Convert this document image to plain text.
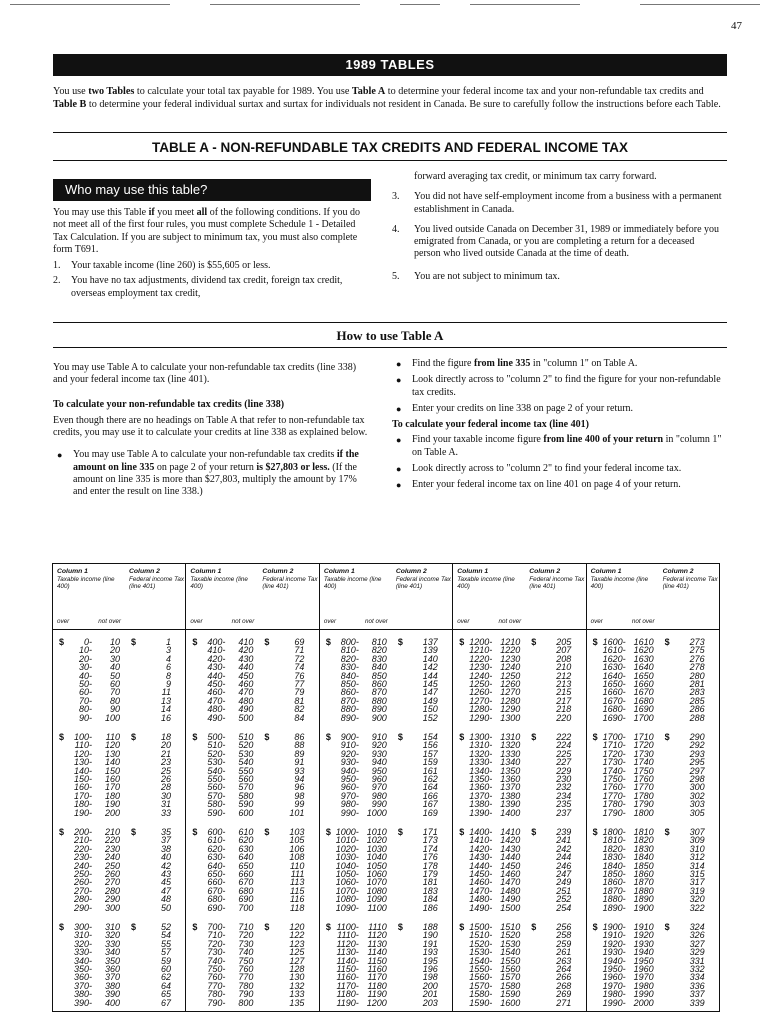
47
1989 TABLES
You use two Tables to calculate your total tax payable for 1989. You use Table A to determine your federal income tax and your non-refundable tax credits and Table B to determine your federal individual surtax and surtax for individuals not resident in Canada. Be sure to carefully follow the instructions before each Table.
TABLE A - NON-REFUNDABLE TAX CREDITS AND FEDERAL INCOME TAX
Who may use this table?

You may use this Table if you meet all of the following conditions. If you do not meet all of the first four rules, you must complete Schedule 1 - Detailed Tax Calculation. If you are subject to minimum tax, you must also complete form T691.

1.	Your taxable income (line 260) is $55,605 or less.
2.	You have no tax adjustments, dividend tax credit, foreign tax credit, overseas employment tax credit,

forward averaging tax credit, or minimum tax carry forward.

3.	You did not have self-employment income from a business with a permanent establishment in Canada.
4.	You lived outside Canada on December 31, 1989 or immediately before you emigrated from Canada, or you are completing a return for a deceased person who lived outside Canada at the time of death.
5.	You are not subject to minimum tax.
How to use Table A

You may use Table A to calculate your non-refundable tax credits (line 338) and your federal income tax (line 401).

To calculate your non-refundable tax credits (line 338)

Even though there are no headings on Table A that refer to non-refundable tax credits, you may use it to calculate your credits at line 338 as explained below.

●	You may use Table A to calculate your non-refundable tax credits if the amount on line 335 on page 2 of your return is $27,803 or less. (If the amount on line 335 is more than $27,803, multiply the amount by 17% and enter the result on line 338.)
●	Find the figure from line 335 in "column 1" on Table A.
●	Look directly across to "column 2" to find the figure for your non-refundable tax credits.
●	Enter your credits on line 338 on page 2 of your return.

To calculate your federal income tax (line 401)

●	Find your taxable income figure from line 400 of your return in "column 1" on Table A.
●	Look directly across to "column 2" to find your federal income tax.
●	Enter your federal income tax on line 401 on page 4 of your return.
Column 1
Taxable income (line 400)
Column 2
Federal income Tax (line 401)
over	not over
$	$
0-	10	1
10-	20	3
20-	30	4
30-	40	6
40-	50	8
50-	60	9
60-	70	11
70-	80	13
80-	90	14
90-	100	16
$	$
100-	110	18
110-	120	20
120-	130	21
130-	140	23
140-	150	25
150-	160	26
160-	170	28
170-	180	30
180-	190	31
190-	200	33
$	$
200-	210	35
210-	220	37
220-	230	38
230-	240	40
240-	250	42
250-	260	43
260-	270	45
270-	280	47
280-	290	48
290-	300	50
$	$
300-	310	52
310-	320	54
320-	330	55
330-	340	57
340-	350	59
350-	360	60
360-	370	62
370-	380	64
380-	390	65
390-	400	67
Column 1
Taxable income (line 400)
Column 2
Federal income Tax (line 401)
over	not over
$	$
400-	410	69
410-	420	71
420-	430	72
430-	440	74
440-	450	76
450-	460	77
460-	470	79
470-	480	81
480-	490	82
490-	500	84
$	$
500-	510	86
510-	520	88
520-	530	89
530-	540	91
540-	550	93
550-	560	94
560-	570	96
570-	580	98
580-	590	99
590-	600	101
$	$
600-	610	103
610-	620	105
620-	630	106
630-	640	108
640-	650	110
650-	660	111
660-	670	113
670-	680	115
680-	690	116
690-	700	118
$	$
700-	710	120
710-	720	122
720-	730	123
730-	740	125
740-	750	127
750-	760	128
760-	770	130
770-	780	132
780-	790	133
790-	800	135
Column 1
Taxable income (line 400)
Column 2
Federal income Tax (line 401)
over	not over
$	$
800-	810	137
810-	820	139
820-	830	140
830-	840	142
840-	850	144
850-	860	145
860-	870	147
870-	880	149
880-	890	150
890-	900	152
$	$
900-	910	154
910-	920	156
920-	930	157
930-	940	159
940-	950	161
950-	960	162
960-	970	164
970-	980	166
980-	990	167
990- 1000	169
$	$
1000- 1010	171
1010- 1020	173
1020- 1030	174
1030- 1040	176
1040- 1050	178
1050- 1060	179
1060- 1070	181
1070- 1080	183
1080- 1090	184
1090- 1100	186
$	$
1100-	1110	188
1110- 1120	190
1120- 1130	191
1130- 1140	193
1140- 1150	195
1150- 1160	196
1160- 1170	198
1170- 1180	200
1180- 1190	201
1190- 1200	203
Column 1
Taxable income (line 400)
Column 2
Federal income Tax (line 401)
over	not over
$	$
1200- 1210	205
1210- 1220	207
1220- 1230	208
1230- 1240	210
1240- 1250	212
1250- 1260	213
1260- 1270	215
1270- 1280	217
1280- 1290	218
1290- 1300	220
$	$
1300- 1310	222
1310- 1320	224
1320- 1330	225
1330- 1340	227
1340- 1350	229
1350- 1360	230
1360- 1370	232
1370- 1380	234
1380- 1390	235
1390- 1400	237
$	$
1400- 1410	239
1410- 1420	241
1420- 1430	242
1430- 1440	244
1440- 1450	246
1450- 1460	247
1460- 1470	249
1470- 1480	251
1480- 1490	252
1490- 1500	254
$	$
1500- 1510	256
1510- 1520	258
1520- 1530	259
1530- 1540	261
1540- 1550	263
1550- 1560	264
1560- 1570	266
1570- 1580	268
1580- 1590	269
1590- 1600	271
Column 1
Taxable income (line 400)
Column 2
Federal income Tax (line 401)
over	not over
$	$
1600- 1610	273
1610- 1620	275
1620- 1630	276
1630- 1640	278
1640- 1650	280
1650- 1660	281
1660- 1670	283
1670- 1680	285
1680- 1690	286
1690- 1700	288
$	$
1700- 1710	290
1710- 1720	292
1720- 1730	293
1730- 1740	295
1740- 1750	297
1750- 1760	298
1760- 1770	300
1770- 1780	302
1780- 1790	303
1790- 1800	305
$	$
1800- 1810	307
1810- 1820	309
1820- 1830	310
1830- 1840	312
1840- 1850	314
1850- 1860	315
1860- 1870	317
1870- 1880	319
1880- 1890	320
1890- 1900	322
$	$
1900- 1910	324
1910- 1920	326
1920- 1930	327
1930- 1940	329
1940- 1950	331
1950- 1960	332
1960- 1970	334
1970- 1980	336
1980- 1990	337
1990- 2000	339
